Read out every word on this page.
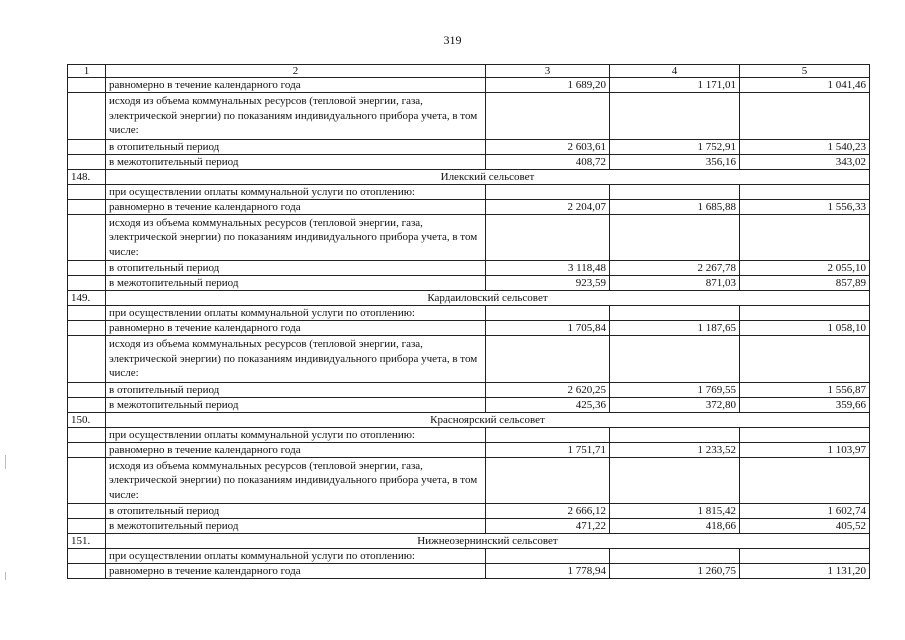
319
1	2	3	4	5
	равномерно в течение календарного года	1 689,20	1 171,01	1 041,46
	исходя из объема коммунальных ресурсов (тепловой энергии, газа, электрической энергии) по показаниям индивидуального прибора учета, в том числе:			
	в отопительный период	2 603,61	1 752,91	1 540,23
	в межотопительный период	408,72	356,16	343,02
148.	Илекский сельсовет			
	при осуществлении оплаты коммунальной услуги по отоплению:			
	равномерно в течение календарного года	2 204,07	1 685,88	1 556,33
	исходя из объема коммунальных ресурсов (тепловой энергии, газа, электрической энергии) по показаниям индивидуального прибора учета, в том числе:			
	в отопительный период	3 118,48	2 267,78	2 055,10
	в межотопительный период	923,59	871,03	857,89
149.	Кардаиловский сельсовет			
	при осуществлении оплаты коммунальной услуги по отоплению:			
	равномерно в течение календарного года	1 705,84	1 187,65	1 058,10
	исходя из объема коммунальных ресурсов (тепловой энергии, газа, электрической энергии) по показаниям индивидуального прибора учета, в том числе:			
	в отопительный период	2 620,25	1 769,55	1 556,87
	в межотопительный период	425,36	372,80	359,66
150.	Красноярский сельсовет			
	при осуществлении оплаты коммунальной услуги по отоплению:			
	равномерно в течение календарного года	1 751,71	1 233,52	1 103,97
	исходя из объема коммунальных ресурсов (тепловой энергии, газа, электрической энергии) по показаниям индивидуального прибора учета, в том числе:			
	в отопительный период	2 666,12	1 815,42	1 602,74
	в межотопительный период	471,22	418,66	405,52
151.	Нижнеозернинский сельсовет			
	при осуществлении оплаты коммунальной услуги по отоплению:			
	равномерно в течение календарного года	1 778,94	1 260,75	1 131,20
